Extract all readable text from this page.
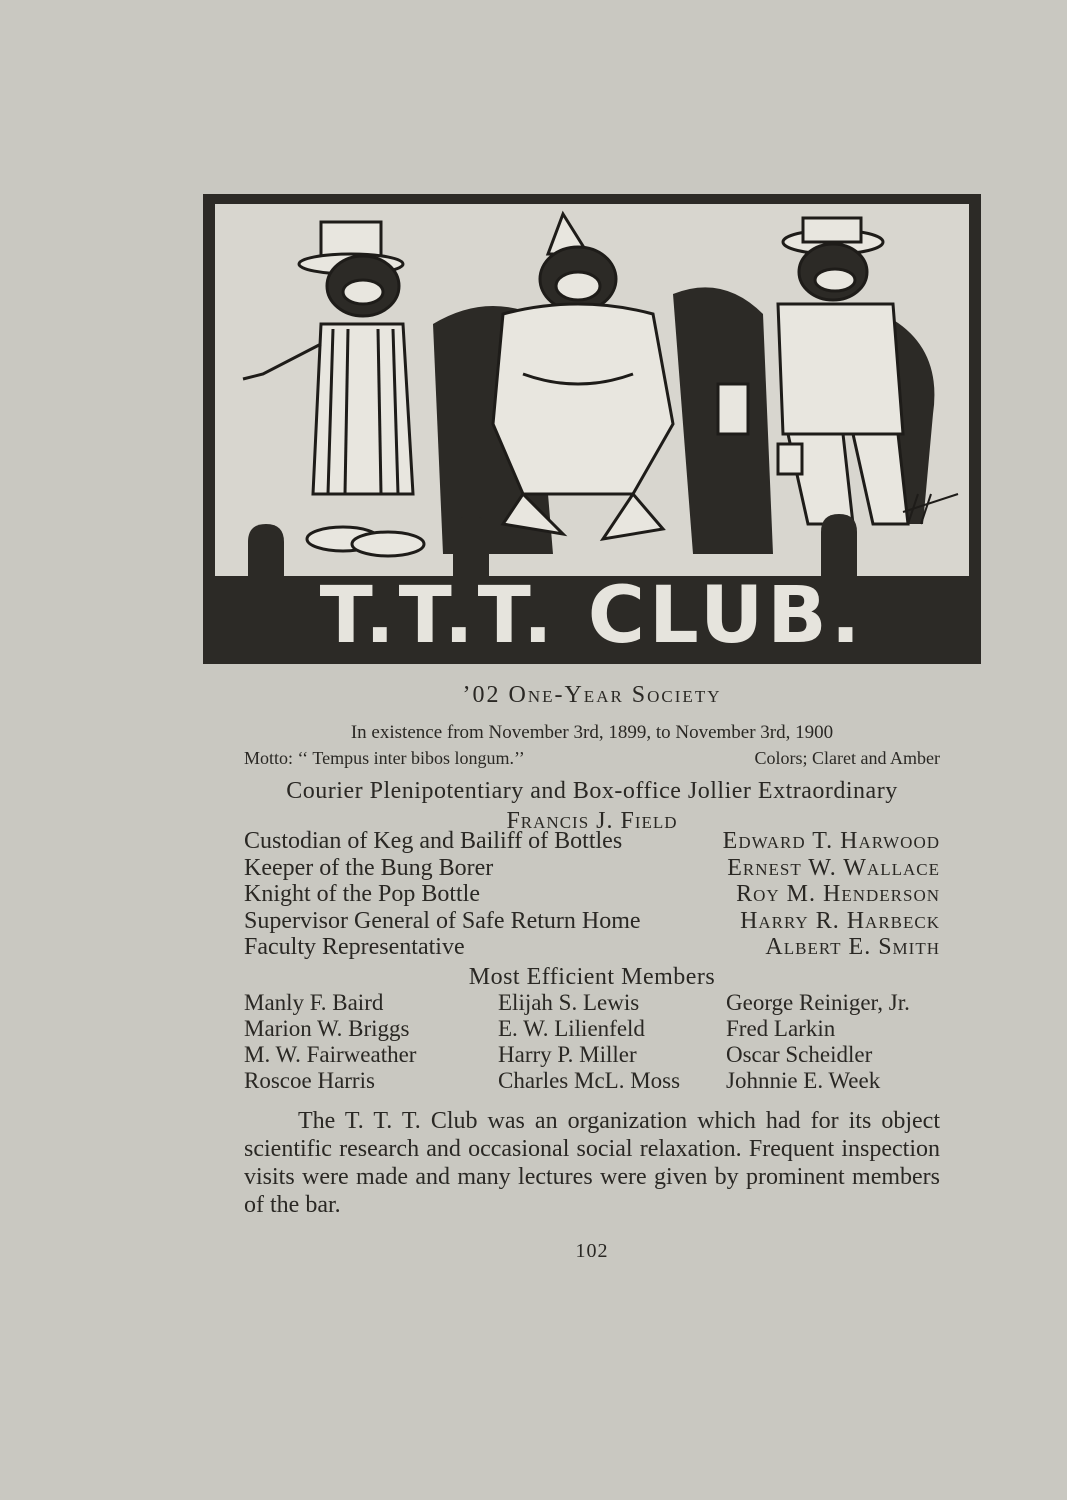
T.T.T. CLUB.
’02 One-Year Society
In existence from November 3rd, 1899, to November 3rd, 1900
Motto: ‘‘ Tempus inter bibos longum.’’	Colors; Claret and Amber
Courier Plenipotentiary and Box-office Jollier Extraordinary
Francis J. Field
Custodian of Keg and Bailiff of Bottles	Edward T. Harwood
Keeper of the Bung Borer	Ernest W. Wallace
Knight of the Pop Bottle	Roy M. Henderson
Supervisor General of Safe Return Home	Harry R. Harbeck
Faculty Representative	Albert E. Smith
Most Efficient Members
Manly F. Baird	Elijah S. Lewis	George Reiniger, Jr.
Marion W. Briggs	E. W. Lilienfeld	Fred Larkin
M. W. Fairweather	Harry P. Miller	Oscar Scheidler
Roscoe Harris	Charles McL. Moss	Johnnie E. Week
The T. T. T. Club was an organization which had for its object scientific research and occasional social relaxation. Frequent inspection visits were made and many lectures were given by prominent members of the bar.
102
